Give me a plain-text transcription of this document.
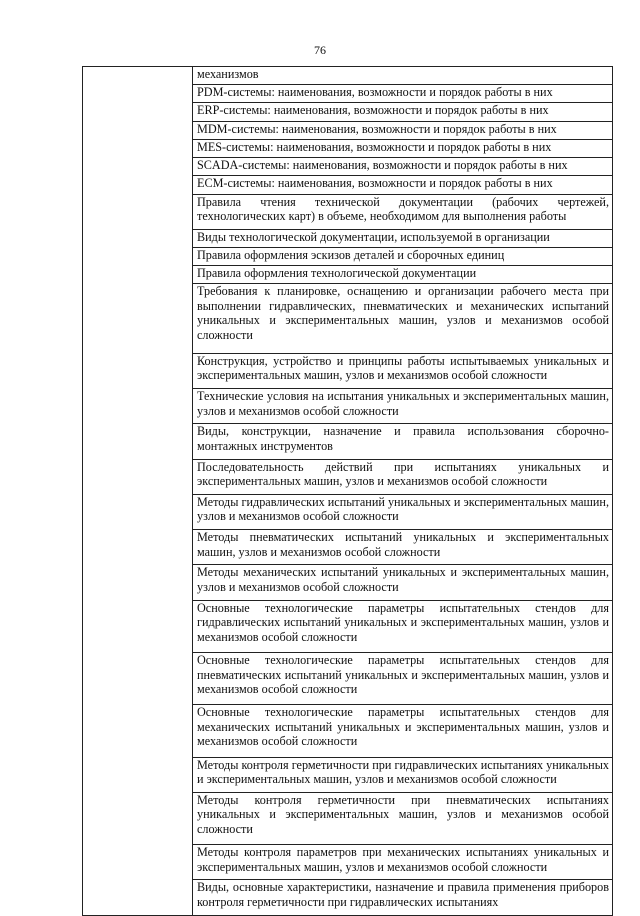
76

механизмов

PDM-системы: наименования, возможности и порядок работы в них

ERP-системы: наименования, возможности и порядок работы в них

MDM-системы: наименования, возможности и порядок работы в них

MES-системы: наименования, возможности и порядок работы в них

SCADA-системы: наименования, возможности и порядок работы в них

ECM-системы: наименования, возможности и порядок работы в них

Правила чтения технической документации (рабочих чертежей, технологических карт) в объеме, необходимом для выполнения работы

Виды технологической документации, используемой в организации

Правила оформления эскизов деталей и сборочных единиц

Правила оформления технологической документации

Требования к планировке, оснащению и организации рабочего места при выполнении гидравлических, пневматических и механических испытаний уникальных и экспериментальных машин, узлов и механизмов особой сложности

Конструкция, устройство и принципы работы испытываемых уникальных и экспериментальных машин, узлов и механизмов особой сложности

Технические условия на испытания уникальных и экспериментальных машин, узлов и механизмов особой сложности

Виды, конструкции, назначение и правила использования сборочно-монтажных инструментов

Последовательность действий при испытаниях уникальных и экспериментальных машин, узлов и механизмов особой сложности

Методы гидравлических испытаний уникальных и экспериментальных машин, узлов и механизмов особой сложности

Методы пневматических испытаний уникальных и экспериментальных машин, узлов и механизмов особой сложности

Методы механических испытаний уникальных и экспериментальных машин, узлов и механизмов особой сложности

Основные технологические параметры испытательных стендов для гидравлических испытаний уникальных и экспериментальных машин, узлов и механизмов особой сложности

Основные технологические параметры испытательных стендов для пневматических испытаний уникальных и экспериментальных машин, узлов и механизмов особой сложности

Основные технологические параметры испытательных стендов для механических испытаний уникальных и экспериментальных машин, узлов и механизмов особой сложности

Методы контроля герметичности при гидравлических испытаниях уникальных и экспериментальных машин, узлов и механизмов особой сложности

Методы контроля герметичности при пневматических испытаниях уникальных и экспериментальных машин, узлов и механизмов особой сложности

Методы контроля параметров при механических испытаниях уникальных и экспериментальных машин, узлов и механизмов особой сложности

Виды, основные характеристики, назначение и правила применения приборов контроля герметичности при гидравлических испытаниях
